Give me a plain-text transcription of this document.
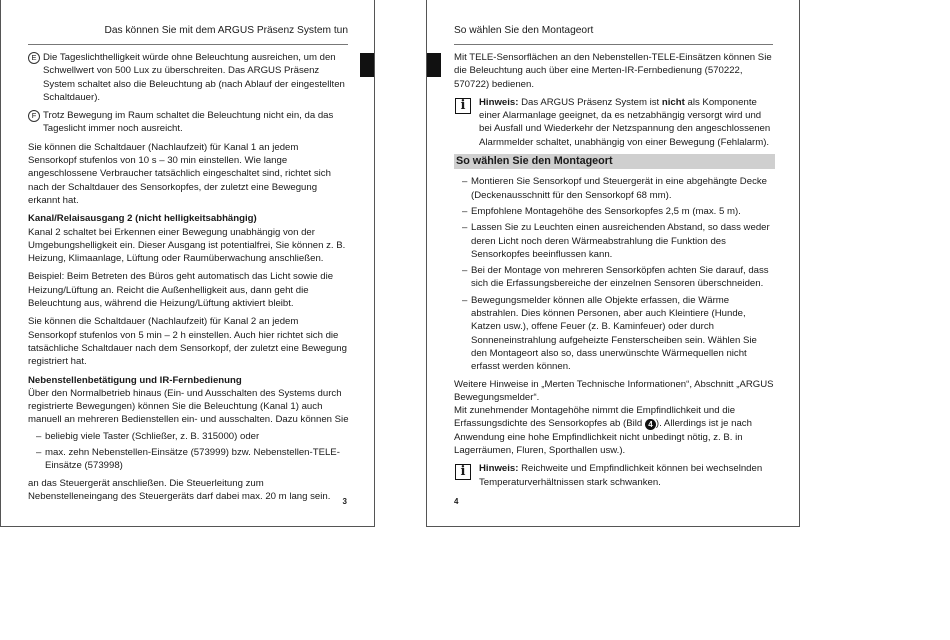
Das können Sie mit dem ARGUS Präsenz System tun
E Die Tageslichthelligkeit würde ohne Beleuchtung ausreichen, um den Schwellwert von 500 Lux zu überschreiten. Das ARGUS Präsenz System schaltet also die Beleuchtung ab (nach Ablauf der eingestellten Schaltdauer).
F Trotz Bewegung im Raum schaltet die Beleuchtung nicht ein, da das Tageslicht immer noch ausreicht.

Sie können die Schaltdauer (Nachlaufzeit) für Kanal 1 an jedem Sensorkopf stufenlos von 10 s – 30 min einstellen. Wie lange angeschlossene Verbraucher tatsächlich eingeschaltet sind, richtet sich nach der Schaltdauer des Sensorkopfes, der zuletzt eine Bewegung erkannt hat.

Kanal/Relaisausgang 2 (nicht helligkeitsabhängig)

Kanal 2 schaltet bei Erkennen einer Bewegung unabhängig von der Umgebungshelligkeit ein. Dieser Ausgang ist potentialfrei, Sie können z. B. Heizung, Klimaanlage, Lüftung oder Raumüberwachung anschließen.

Beispiel: Beim Betreten des Büros geht automatisch das Licht sowie die Heizung/Lüftung an. Reicht die Außenhelligkeit aus, dann geht die Beleuchtung aus, während die Heizung/Lüftung aktiviert bleibt.

Sie können die Schaltdauer (Nachlaufzeit) für Kanal 2 an jedem Sensorkopf stufenlos von 5 min – 2 h einstellen. Auch hier richtet sich die tatsächliche Schaltdauer nach dem Sensorkopf, der zuletzt eine Bewegung registriert hat.

Nebenstellenbetätigung und IR-Fernbedienung

Über den Normalbetrieb hinaus (Ein- und Ausschalten des Systems durch registrierte Bewegungen) können Sie die Beleuchtung (Kanal 1) auch manuell an mehreren Bedienstellen ein- und ausschalten. Dazu können Sie

– beliebig viele Taster (Schließer, z. B. 315000) oder
– max. zehn Nebenstellen-Einsätze (573999) bzw. Nebenstellen-TELE-Einsätze (573998)

an das Steuergerät anschließen. Die Steuerleitung zum Nebenstelleneingang des Steuergeräts darf dabei max. 20 m lang sein.	3
So wählen Sie den Montageort

Mit TELE-Sensorflächen an den Nebenstellen-TELE-Einsätzen können Sie die Beleuchtung auch über eine Merten-IR-Fernbedienung (570222, 570722) bedienen.

i	Hinweis: Das ARGUS Präsenz System ist nicht als Komponente einer Alarmanlage geeignet, da es netzabhängig versorgt wird und bei Ausfall und Wiederkehr der Netzspannung den angeschlossenen Alarmmelder schaltet, unabhängig von einer Bewegung (Fehlalarm).
So wählen Sie den Montageort
– Montieren Sie Sensorkopf und Steuergerät in eine abgehängte Decke (Deckenausschnitt für den Sensorkopf 68 mm).
– Empfohlene Montagehöhe des Sensorkopfes 2,5 m (max. 5 m).
– Lassen Sie zu Leuchten einen ausreichenden Abstand, so dass weder deren Licht noch deren Wärmeabstrahlung die Funktion des Sensorkopfes beeinflussen kann.
– Bei der Montage von mehreren Sensorköpfen achten Sie darauf, dass sich die Erfassungsbereiche der einzelnen Sensoren überschneiden.
– Bewegungsmelder können alle Objekte erfassen, die Wärme abstrahlen. Dies können Personen, aber auch Kleintiere (Hunde, Katzen usw.), offene Feuer (z. B. Kaminfeuer) oder durch Sonneneinstrahlung aufgeheizte Fensterscheiben sein. Wählen Sie den Montageort also so, dass unerwünschte Wärmequellen nicht erfasst werden können.

Weitere Hinweise in „Merten Technische Informationen“, Abschnitt „ARGUS Bewegungsmelder“.

Mit zunehmender Montagehöhe nimmt die Empfindlichkeit und die Erfassungsdichte des Sensorkopfes ab (Bild 4 ). Allerdings ist je nach Anwendung eine hohe Empfindlichkeit nicht unbedingt nötig, z. B. in Lagerräumen, Fluren, Sporthallen usw.).

i	Hinweis: Reichweite und Empfindlichkeit können bei wechselnden Temperaturverhältnissen stark schwanken.
4
